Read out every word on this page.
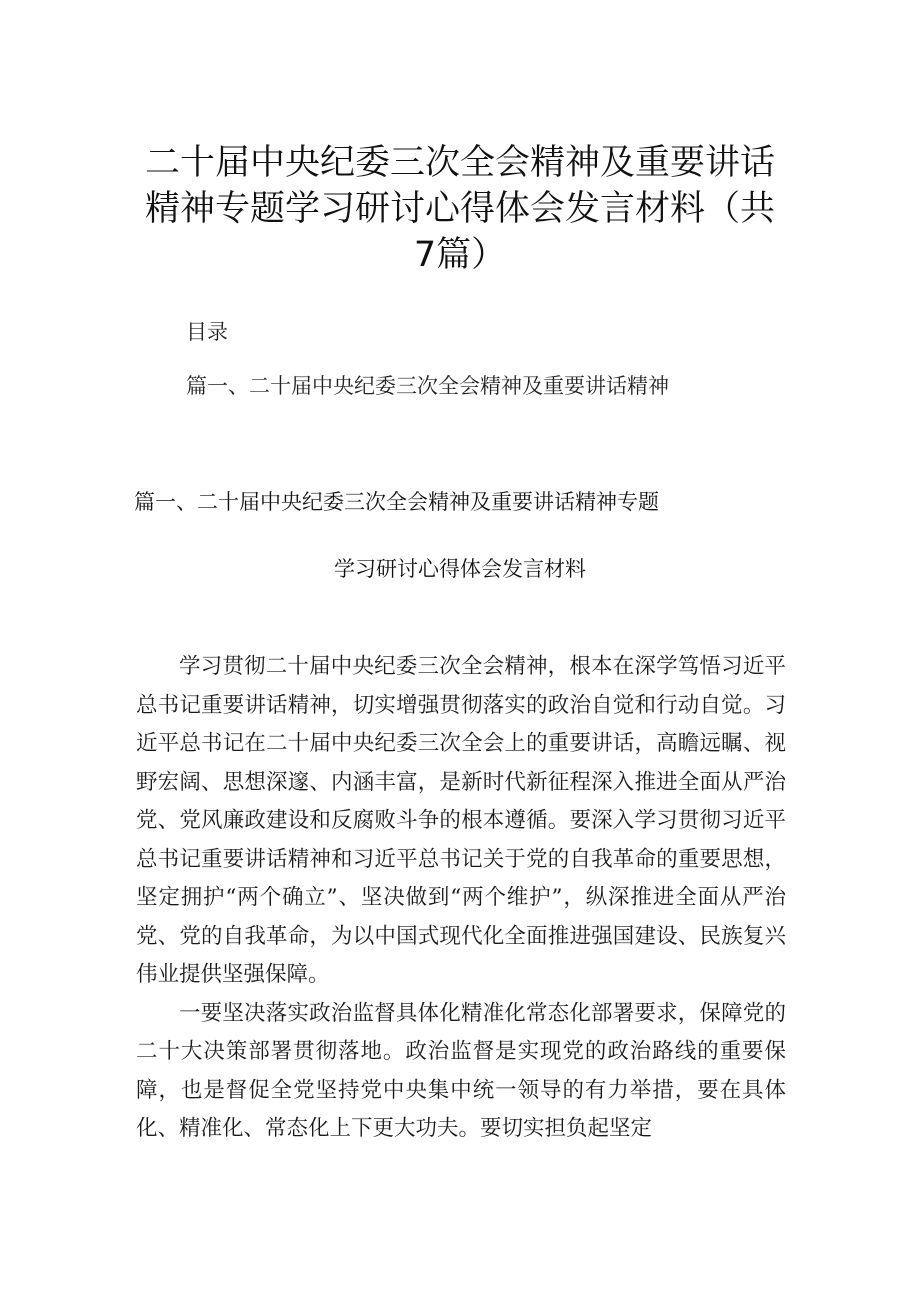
二十届中央纪委三次全会精神及重要讲话精神专题学习研讨心得体会发言材料（共7篇）
目录
篇一、二十届中央纪委三次全会精神及重要讲话精神
篇一、二十届中央纪委三次全会精神及重要讲话精神专题
学习研讨心得体会发言材料

学习贯彻二十届中央纪委三次全会精神，根本在深学笃悟习近平总书记重要讲话精神，切实增强贯彻落实的政治自觉和行动自觉。习近平总书记在二十届中央纪委三次全会上的重要讲话，高瞻远瞩、视野宏阔、思想深邃、内涵丰富，是新时代新征程深入推进全面从严治党、党风廉政建设和反腐败斗争的根本遵循。要深入学习贯彻习近平总书记重要讲话精神和习近平总书记关于党的自我革命的重要思想，坚定拥护“两个确立”、坚决做到“两个维护”，纵深推进全面从严治党、党的自我革命，为以中国式现代化全面推进强国建设、民族复兴伟业提供坚强保障。

一要坚决落实政治监督具体化精准化常态化部署要求，保障党的二十大决策部署贯彻落地。政治监督是实现党的政治路线的重要保障，也是督促全党坚持党中央集中统一领导的有力举措，要在具体化、精准化、常态化上下更大功夫。要切实担负起坚定
